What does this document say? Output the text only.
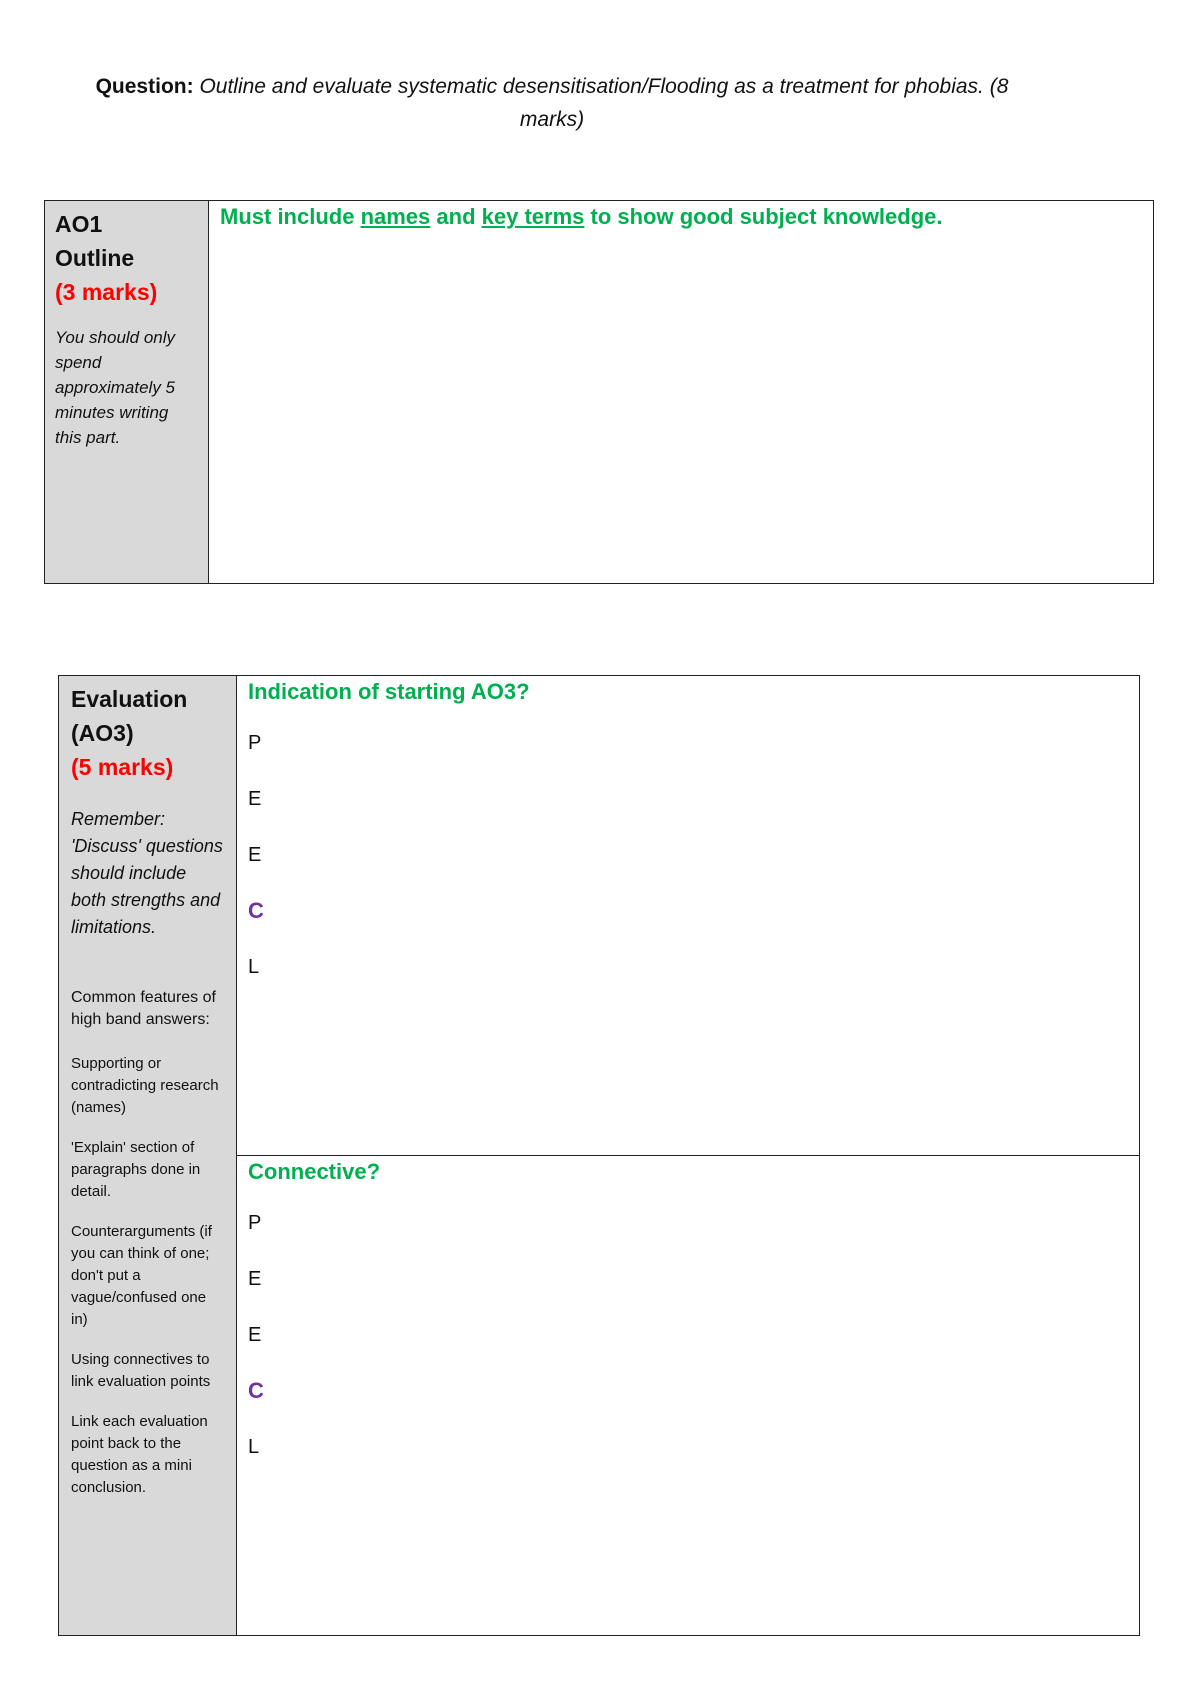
Question: Outline and evaluate systematic desensitisation/Flooding as a treatment for phobias. (8 marks)
AO1
Outline
(3 marks)
You should only spend approximately 5 minutes writing this part.

Must include names and key terms to show good subject knowledge.
Evaluation
(AO3)
(5 marks)
Remember: 'Discuss' questions should include both strengths and limitations.
Common features of high band answers:
Supporting or contradicting research (names)
'Explain' section of paragraphs done in detail.
Counterarguments (if you can think of one; don't put a vague/confused one in)
Using connectives to link evaluation points
Link each evaluation point back to the question as a mini conclusion.

Indication of starting AO3?
P
E
E
C
L

Connective?
P
E
E
C
L
